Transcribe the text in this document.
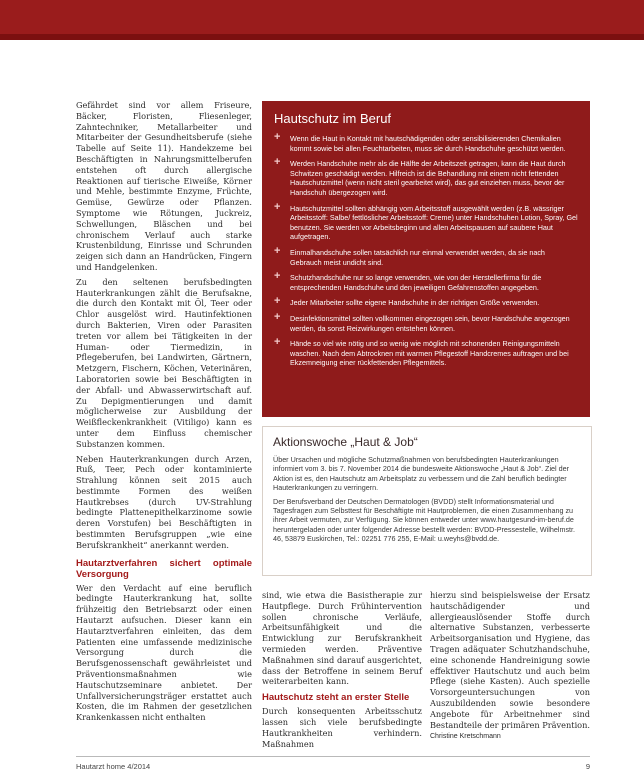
Gefährdet sind vor allem Friseure, Bäcker, Floristen, Fliesenleger, Zahntechniker, Metallarbeiter und Mitarbeiter der Gesundheitsberufe (siehe Tabelle auf Seite 11). Handekzeme bei Beschäftigten in Nahrungsmittelberufen entstehen oft durch allergische Reaktionen auf tierische Eiweiße, Körner und Mehle, bestimmte Enzyme, Früchte, Gemüse, Gewürze oder Pflanzen. Symptome wie Rötungen, Juckreiz, Schwellungen, Bläschen und bei chronischem Verlauf auch starke Krustenbildung, Einrisse und Schrunden zeigen sich dann an Handrücken, Fingern und Handgelenken.

Zu den seltenen berufsbedingten Hauterkrankungen zählt die Berufsakne, die durch den Kontakt mit Öl, Teer oder Chlor ausgelöst wird. Hautinfektionen durch Bakterien, Viren oder Parasiten treten vor allem bei Tätigkeiten in der Human- oder Tiermedizin, in Pflegeberufen, bei Landwirten, Gärtnern, Metzgern, Fischern, Köchen, Veterinären, Laboratorien sowie bei Beschäftigten in der Abfall- und Abwasserwirtschaft auf. Zu Depigmentierungen und damit möglicherweise zur Ausbildung der Weißfleckenkrankheit (Vitiligo) kann es unter dem Einfluss chemischer Substanzen kommen.

Neben Hauterkrankungen durch Arzen, Ruß, Teer, Pech oder kontaminierte Strahlung können seit 2015 auch bestimmte Formen des weißen Hautkrebses (durch UV-Strahlung bedingte Plattenepithelkarzinome sowie deren Vorstufen) bei Beschäftigten in bestimmten Berufsgruppen „wie eine Berufskrankheit“ anerkannt werden.

Hautarztverfahren sichert optimale Versorgung

Wer den Verdacht auf eine beruflich bedingte Hauterkrankung hat, sollte frühzeitig den Betriebsarzt oder einen Hautarzt aufsuchen. Dieser kann ein Hautarztverfahren einleiten, das dem Patienten eine umfassende medizinische Versorgung durch die Berufsgenossenschaft gewährleistet und Präventionsmaßnahmen wie Hautschutzseminare anbietet. Der Unfallversicherungsträger erstattet auch Kosten, die im Rahmen der gesetzlichen Krankenkassen nicht enthalten

Hautschutz im Beruf
+ Wenn die Haut in Kontakt mit hautschädigenden oder sensibilisierenden Chemikalien kommt sowie bei allen Feuchtarbeiten, muss sie durch Handschuhe geschützt werden.
+ Werden Handschuhe mehr als die Hälfte der Arbeitszeit getragen, kann die Haut durch Schwitzen geschädigt werden. Hilfreich ist die Behandlung mit einem nicht fettenden Hautschutzmittel (wenn nicht steril gearbeitet wird), das gut einziehen muss, bevor der Handschuh übergezogen wird.
+ Hautschutzmittel sollten abhängig vom Arbeitsstoff ausgewählt werden (z.B. wässriger Arbeitsstoff: Salbe/ fettlöslicher Arbeitsstoff: Creme) unter Handschuhen Lotion, Spray, Gel benutzen. Sie werden vor Arbeitsbeginn und allen Arbeitspausen auf saubere Haut aufgetragen.
+ Einmalhandschuhe sollen tatsächlich nur einmal verwendet werden, da sie nach Gebrauch meist undicht sind.
+ Schutzhandschuhe nur so lange verwenden, wie von der Herstellerfirma für die entsprechenden Handschuhe und den jeweiligen Gefahrenstoffen angegeben.
+ Jeder Mitarbeiter sollte eigene Handschuhe in der richtigen Größe verwenden.
+ Desinfektionsmittel sollten vollkommen eingezogen sein, bevor Handschuhe angezogen werden, da sonst Reizwirkungen entstehen können.
+ Hände so viel wie nötig und so wenig wie möglich mit schonenden Reinigungsmitteln waschen. Nach dem Abtrocknen mit warmen Pflegestoff Handcremes auftragen und bei Ekzemneigung einer rückfettenden Pflegemittels.
Aktionswoche „Haut & Job“

Über Ursachen und mögliche Schutzmaßnahmen von berufsbedingten Hauterkrankungen informiert vom 3. bis 7. November 2014 die bundesweite Aktionswoche „Haut & Job“. Ziel der Aktion ist es, den Hautschutz am Arbeitsplatz zu verbessern und die Zahl beruflich bedingter Hauterkrankungen zu verringern.

Der Berufsverband der Deutschen Dermatologen (BVDD) stellt Informationsmaterial und Tagesfragen zum Selbsttest für Beschäftigte mit Hautproblemen, die einen Zusammenhang zu ihrer Arbeit vermuten, zur Verfügung. Sie können entweder unter www.hautgesund-im-beruf.de heruntergeladen oder unter folgender Adresse bestellt werden: BVDD-Pressestelle, Wilhelmstr. 46, 53879 Euskirchen, Tel.: 02251 776 255, E-Mail: u.weyhs@bvdd.de.

sind, wie etwa die Basistherapie zur Hautpflege. Durch Frühintervention sollen chronische Verläufe, Arbeitsunfähigkeit und die Entwicklung zur Berufskrankheit vermieden werden. Präventive Maßnahmen sind darauf ausgerichtet, dass der Betroffene in seinem Beruf weiterarbeiten kann.

Hautschutz steht an erster Stelle

Durch konsequenten Arbeitsschutz lassen sich viele berufsbedingte Hautkrankheiten verhindern. Maßnahmen

hierzu sind beispielsweise der Ersatz hautschädigender und allergieauslösender Stoffe durch alternative Substanzen, verbesserte Arbeitsorganisation und Hygiene, das Tragen adäquater Schutzhandschuhe, eine schonende Handreinigung sowie effektiver Hautschutz und auch beim Pflege (siehe Kasten). Auch spezielle Vorsorgeuntersuchungen von Auszubildenden sowie besondere Angebote für Arbeitnehmer sind Bestandteile der primären Prävention. Christine Kretschmann
Hautarzt home 4/2014	9
